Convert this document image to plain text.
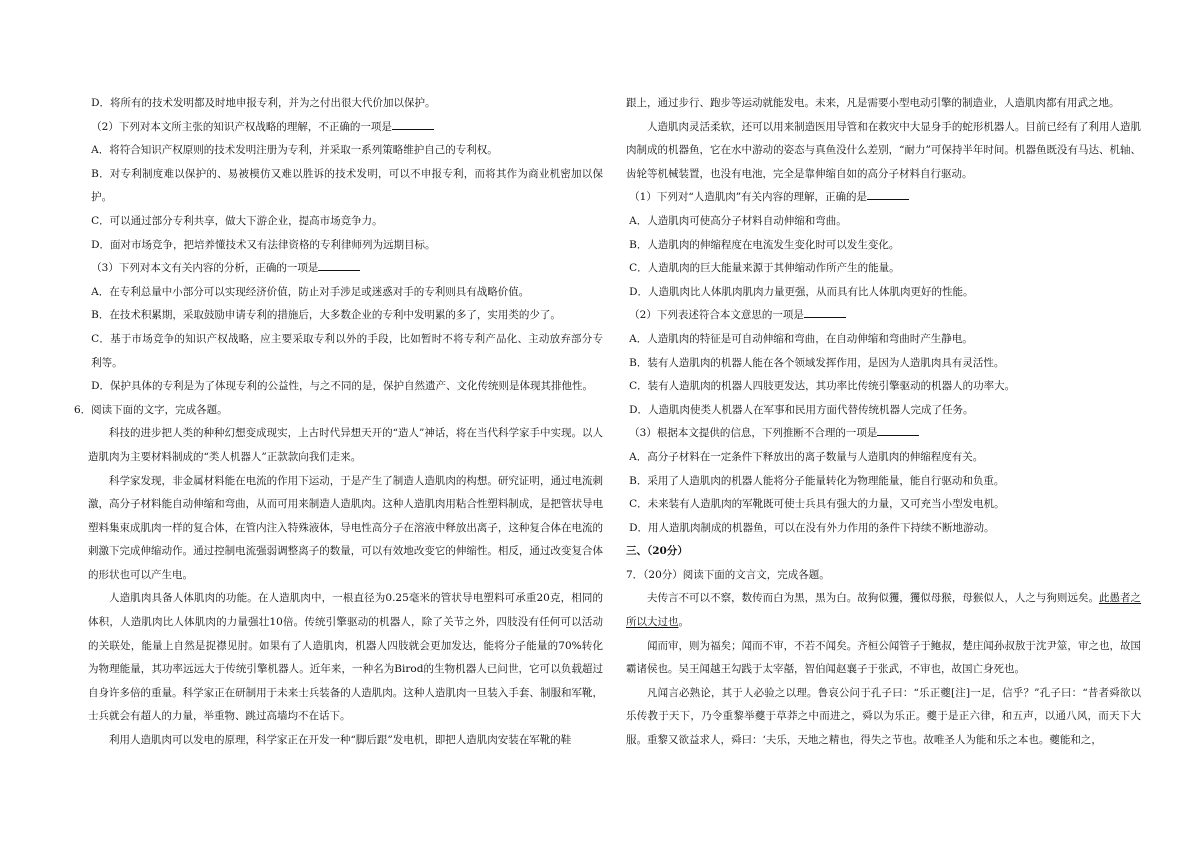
D．将所有的技术发明都及时地申报专利，并为之付出很大代价加以保护。

（2）下列对本文所主张的知识产权战略的理解，不正确的一项是

A．将符合知识产权原则的技术发明注册为专利，并采取一系列策略维护自己的专利权。

B．对专利制度难以保护的、易被模仿又难以胜诉的技术发明，可以不申报专利，而将其作为商业机密加以保护。

C．可以通过部分专利共享，做大下游企业，提高市场竞争力。

D．面对市场竞争，把培养懂技术又有法律资格的专利律师列为远期目标。

（3）下列对本文有关内容的分析，正确的一项是

A．在专利总量中小部分可以实现经济价值，防止对手涉足或迷惑对手的专利则具有战略价值。

B．在技术积累期，采取鼓励申请专利的措施后，大多数企业的专利中发明累的多了，实用类的少了。

C．基于市场竞争的知识产权战略，应主要采取专利以外的手段，比如暂时不将专利产品化、主动放弃部分专利等。

D．保护具体的专利是为了体现专利的公益性，与之不同的是，保护自然遗产、文化传统则是体现其排他性。

6．阅读下面的文字，完成各题。

科技的进步把人类的种种幻想变成现实，上古时代异想天开的“造人”神话，将在当代科学家手中实现。以人造肌肉为主要材料制成的“类人机器人”正款款向我们走来。

科学家发现，非金属材料能在电流的作用下运动，于是产生了制造人造肌肉的构想。研究证明，通过电流刺激，高分子材料能自动伸缩和弯曲，从而可用来制造人造肌肉。这种人造肌肉用粘合性塑料制成，是把管状导电塑料集束成肌肉一样的复合体，在管内注入特殊液体，导电性高分子在溶液中释放出离子，这种复合体在电流的刺激下完成伸缩动作。通过控制电流强弱调整离子的数量，可以有效地改变它的伸缩性。相反，通过改变复合体的形状也可以产生电。

人造肌肉具备人体肌肉的功能。在人造肌肉中，一根直径为0.25毫米的管状导电塑料可承重20克，相同的体积，人造肌肉比人体肌肉的力量强壮10倍。传统引擎驱动的机器人，除了关节之外，四肢没有任何可以活动的关联处，能量上自然是捉襟见肘。如果有了人造肌肉，机器人四肢就会更加发达，能将分子能量的70%转化为物理能量，其功率远远大于传统引擎机器人。近年来，一种名为Birod的生物机器人已问世，它可以负载超过自身许多倍的重量。科学家正在研制用于未来士兵装备的人造肌肉。这种人造肌肉一旦装入手套、制服和军靴，士兵就会有超人的力量，举重物、跳过高墙均不在话下。

利用人造肌肉可以发电的原理，科学家正在开发一种“脚后跟”发电机，即把人造肌肉安装在军靴的鞋

跟上，通过步行、跑步等运动就能发电。未来，凡是需要小型电动引擎的制造业，人造肌肉都有用武之地。

人造肌肉灵活柔软，还可以用来制造医用导管和在救灾中大显身手的蛇形机器人。目前已经有了利用人造肌肉制成的机器鱼，它在水中游动的姿态与真鱼没什么差别，“耐力”可保持半年时间。机器鱼既没有马达、机轴、齿轮等机械装置，也没有电池，完全是靠伸缩自如的高分子材料自行驱动。

（1）下列对“人造肌肉”有关内容的理解，正确的是

A．人造肌肉可使高分子材料自动伸缩和弯曲。

B．人造肌肉的伸缩程度在电流发生变化时可以发生变化。

C．人造肌肉的巨大能量来源于其伸缩动作所产生的能量。

D．人造肌肉比人体肌肉肌肉力量更强，从而具有比人体肌肉更好的性能。

（2）下列表述符合本文意思的一项是

A．人造肌肉的特征是可自动伸缩和弯曲，在自动伸缩和弯曲时产生静电。

B．装有人造肌肉的机器人能在各个领域发挥作用，是因为人造肌肉具有灵活性。

C．装有人造肌肉的机器人四肢更发达，其功率比传统引擎驱动的机器人的功率大。

D．人造肌肉使类人机器人在军事和民用方面代替传统机器人完成了任务。

（3）根据本文提供的信息，下列推断不合理的一项是

A．高分子材料在一定条件下释放出的离子数量与人造肌肉的伸缩程度有关。

B．采用了人造肌肉的机器人能将分子能量转化为物理能量，能自行驱动和负重。

C．未来装有人造肌肉的军靴既可使士兵具有强大的力量，又可充当小型发电机。

D．用人造肌肉制成的机器鱼，可以在没有外力作用的条件下持续不断地游动。

三、（20分）

7．（20分）阅读下面的文言文，完成各题。

夫传言不可以不察，数传而白为黑，黑为白。故狗似玃，玃似母猴，母猴似人，人之与狗则远矣。此愚者之所以大过也。

闻而审，则为福矣；闻而不审，不若不闻矣。齐桓公闻管子于鲍叔，楚庄闻孙叔敖于沈尹筮，审之也，故国霸诸侯也。吴王闻越王勾践于太宰嚭，智伯闻赵襄子于张武，不审也，故国亡身死也。

凡闻言必熟论，其于人必验之以理。鲁哀公问于孔子曰：“乐正夔[注]一足，信乎？”孔子曰：“昔者舜欲以乐传教于天下，乃令重黎举夔于草莽之中而进之，舜以为乐正。夔于是正六律，和五声，以通八风，而天下大服。重黎又欲益求人，舜曰：‘夫乐，天地之精也，得失之节也。故唯圣人为能和乐之本也。夔能和之，
